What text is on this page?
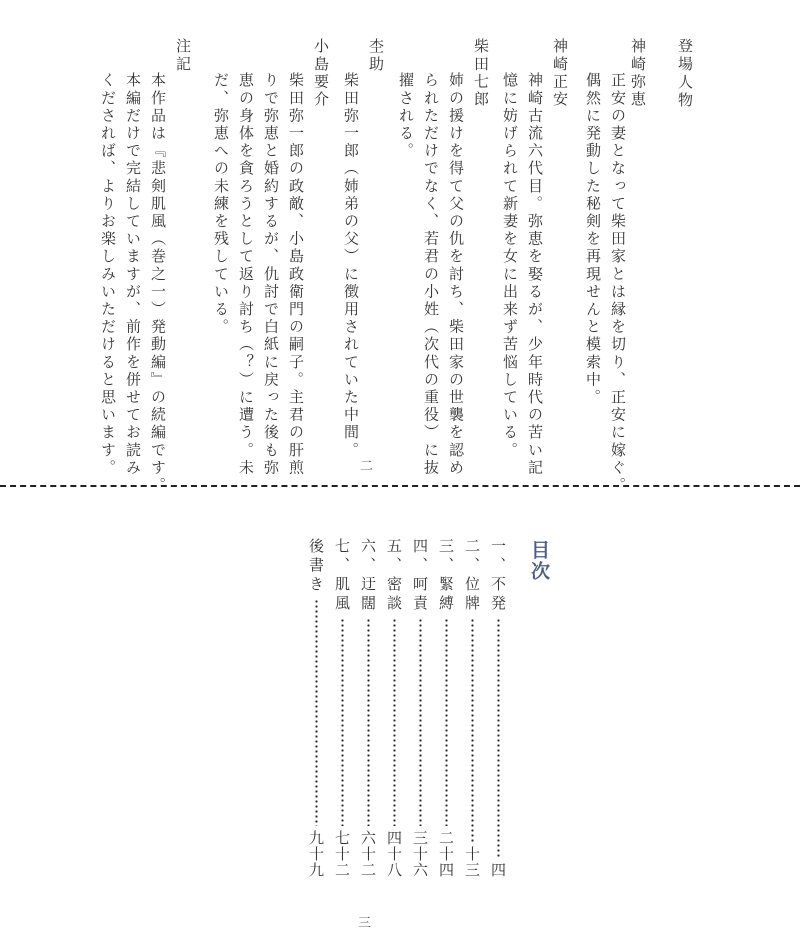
登場人物
神崎弥恵
正安の妻となって柴田家とは縁を切り、正安に嫁ぐ。
偶然に発動した秘剣を再現せんと模索中。
神崎正安
神崎古流六代目。弥恵を娶るが、少年時代の苦い記
憶に妨げられて新妻を女に出来ず苦悩している。
柴田七郎
姉の援けを得て父の仇を討ち、柴田家の世襲を認め
られただけでなく、若君の小姓（次代の重役）に抜
擢される。
杢助
柴田弥一郎（姉弟の父）に徴用されていた中間。
小島要介
柴田弥一郎の政敵、小島政衛門の嗣子。主君の肝煎
りで弥恵と婚約するが、仇討で白紙に戻った後も弥
恵の身体を貪ろうとして返り討ち（？）に遭う。未
だ、弥恵への未練を残している。
注記
本作品は『悲剣肌風（巻之一）発動編』の続編です。
本編だけで完結していますが、前作を併せてお読み
くだされば、よりお楽しみいただけると思います。	二
目次
一、不発
四
二、位牌
十三
三、緊縛
二十四
四、呵責
三十六
五、密談
四十八
六、迂闊
六十二
七、肌風
七十二
後書き
九十九
三
